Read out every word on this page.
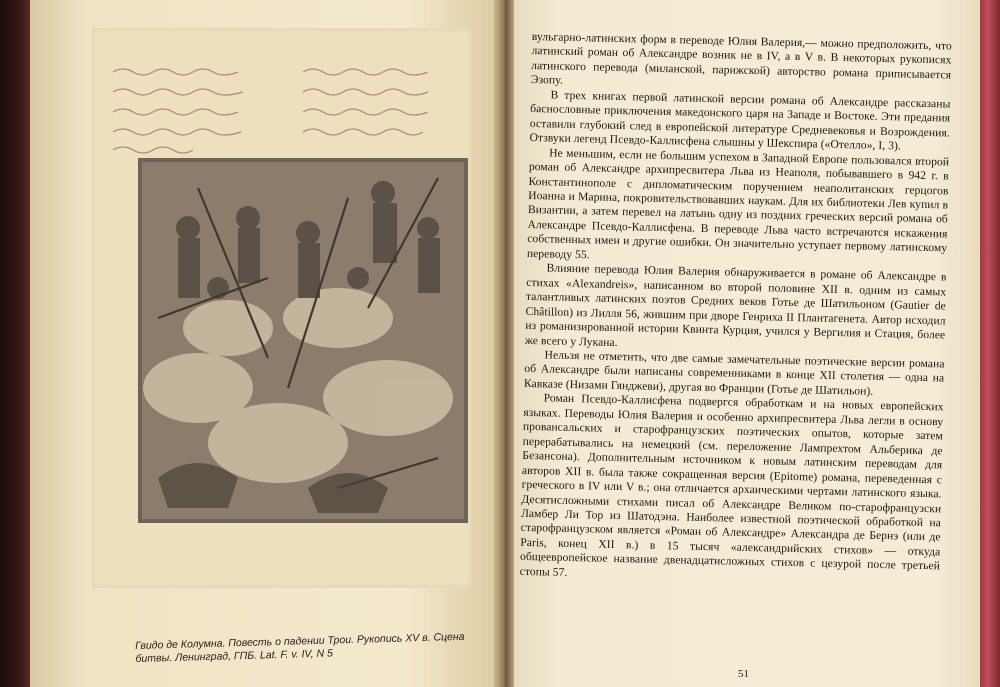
Гвидо де Колумна. Повесть о падении Трои. Рукопись XV в. Сцена битвы. Ленинград, ГПБ. Lat. F. v. IV, N 5

вульгарно-латинских форм в переводе Юлия Валерия,— можно предположить, что латинский роман об Александре возник не в IV, а в V в. В некоторых рукописях латинского перевода (миланской, парижской) авторство романа приписывается Эзопу.

В трех книгах первой латинской версии романа об Александре рассказаны баснословные приключения македонского царя на Западе и Востоке. Эти предания оставили глубокий след в европейской литературе Средневековья и Возрождения. Отзвуки легенд Псевдо-Каллисфена слышны у Шекспира («Отелло», I, 3).

Не меньшим, если не большим успехом в Западной Европе пользовался второй роман об Александре архипресвитера Льва из Неаполя, побывавшего в 942 г. в Константинополе с дипломатическим поручением неаполитанских герцогов Иоанна и Марина, покровительствовавших наукам. Для их библиотеки Лев купил в Византии, а затем перевел на латынь одну из поздних греческих версий романа об Александре Псевдо-Каллисфена. В переводе Льва часто встречаются искажения собственных имен и другие ошибки. Он значительно уступает первому латинскому переводу 55.

Влияние перевода Юлия Валерия обнаруживается в романе об Александре в стихах «Alexandreis», написанном во второй половине XII в. одним из самых талантливых латинских поэтов Средних веков Готье де Шатильоном (Gautier de Châtillon) из Лилля 56, жившим при дворе Генриха II Плантагенета. Автор исходил из романизированной истории Квинта Курция, учился у Вергилия и Стация, более же всего у Лукана.

Нельзя не отметить, что две самые замечательные поэтические версии романа об Александре были написаны современниками в конце XII столетия — одна на Кавказе (Низами Гянджеви), другая во Франции (Готье де Шатильон).

Роман Псевдо-Каллисфена подвергся обработкам и на новых европейских языках. Переводы Юлия Валерия и особенно архипресвитера Льва легли в основу провансальских и старофранцузских поэтических опытов, которые затем перерабатывались на немецкий (см. переложение Лампрехтом Альберика де Безансона). Дополнительным источником к новым латинским переводам для авторов XII в. была также сокращенная версия (Epitome) романа, переведенная с греческого в IV или V в.; она отличается архаическими чертами латинского языка. Десятисложными стихами писал об Александре Великом по-старофранцузски Ламбер Ли Тор из Шатодэна. Наиболее известной поэтической обработкой на старофранцузском является «Роман об Александре» Александра де Бернэ (или де Paris, конец XII в.) в 15 тысяч «александрийских стихов» — откуда общеевропейское название двенадцатисложных стихов с цезурой после третьей стопы 57.

51
